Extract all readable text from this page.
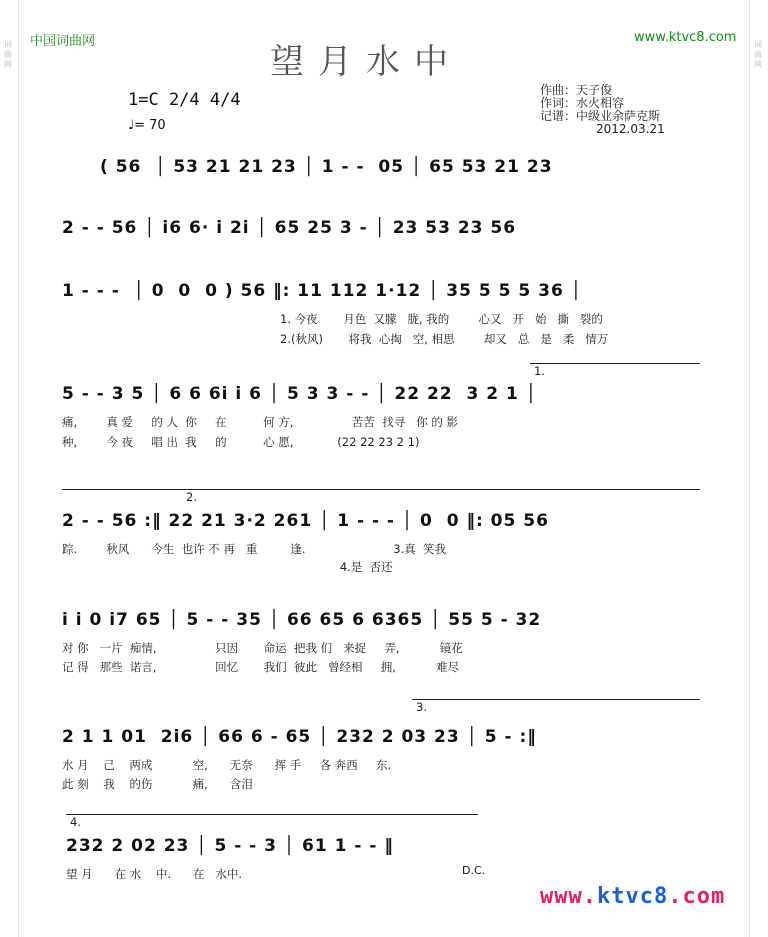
词
曲
网
词
曲
网
中国词曲网	www.ktvc8.com
望月水中
1=C 2/4 4/4
♩= 70
作曲：天子俊
作词：水火相容
记谱：中级业余萨克斯
2012.03.21
( 56  │ 53 21 21 23 │ 1 - -  05 │ 65 53 21 23
2 - - 56 │ i6 6· i 2i │ 65 25 3 - │ 23 53 23 56
1 - - -  │ 0  0  0 ) 56 ‖: 11 112 1·12 │ 35 5 5 5 36 │
1. 今夜       月色  又朦   胧, 我的        心又   开   始   撕   裂的
2.(秋风)       将我  心掏   空, 相思        却又   总   是   柔   情万
1.
5 - - 3 5 │ 6 6 6i i 6 │ 5 3 3 - - │ 22 22  3 2 1 │
痛,        真 爱     的 人  你     在          何 方,                苦苦  找寻   你 的 影
种,        今 夜     唱 出  我     的          心 愿,            (22 22 23 2 1)
2.
2 - - 56 :‖ 22 21 3·2 261 │ 1 - - - │ 0  0 ‖: 05 56
踪.        秋风      今生  也许 不 再   重         逢.                        3.真  笑我
4.是  否还
i i 0 i7 65 │ 5 - - 35 │ 66 65 6 6365 │ 55 5 - 32
对 你   一片  痴情,                只因       命运  把我 们   来捉     弄,           镜花
记 得   那些  诺言,                回忆       我们  彼此   曾经相     拥,           难尽
3.
2 1 1 01  2i6 │ 66 6 - 65 │ 232 2 03 23 │ 5 - :‖
水 月    己    两成           空,      无奈      挥 手     各 奔西     东.
此 刻    我    的伤           痛,      含泪
4.
232 2 02 23 │ 5 - - 3 │ 61 1 - - ‖
望 月      在 水    中.      在   水中.	D.C.
www.ktvc8.com
